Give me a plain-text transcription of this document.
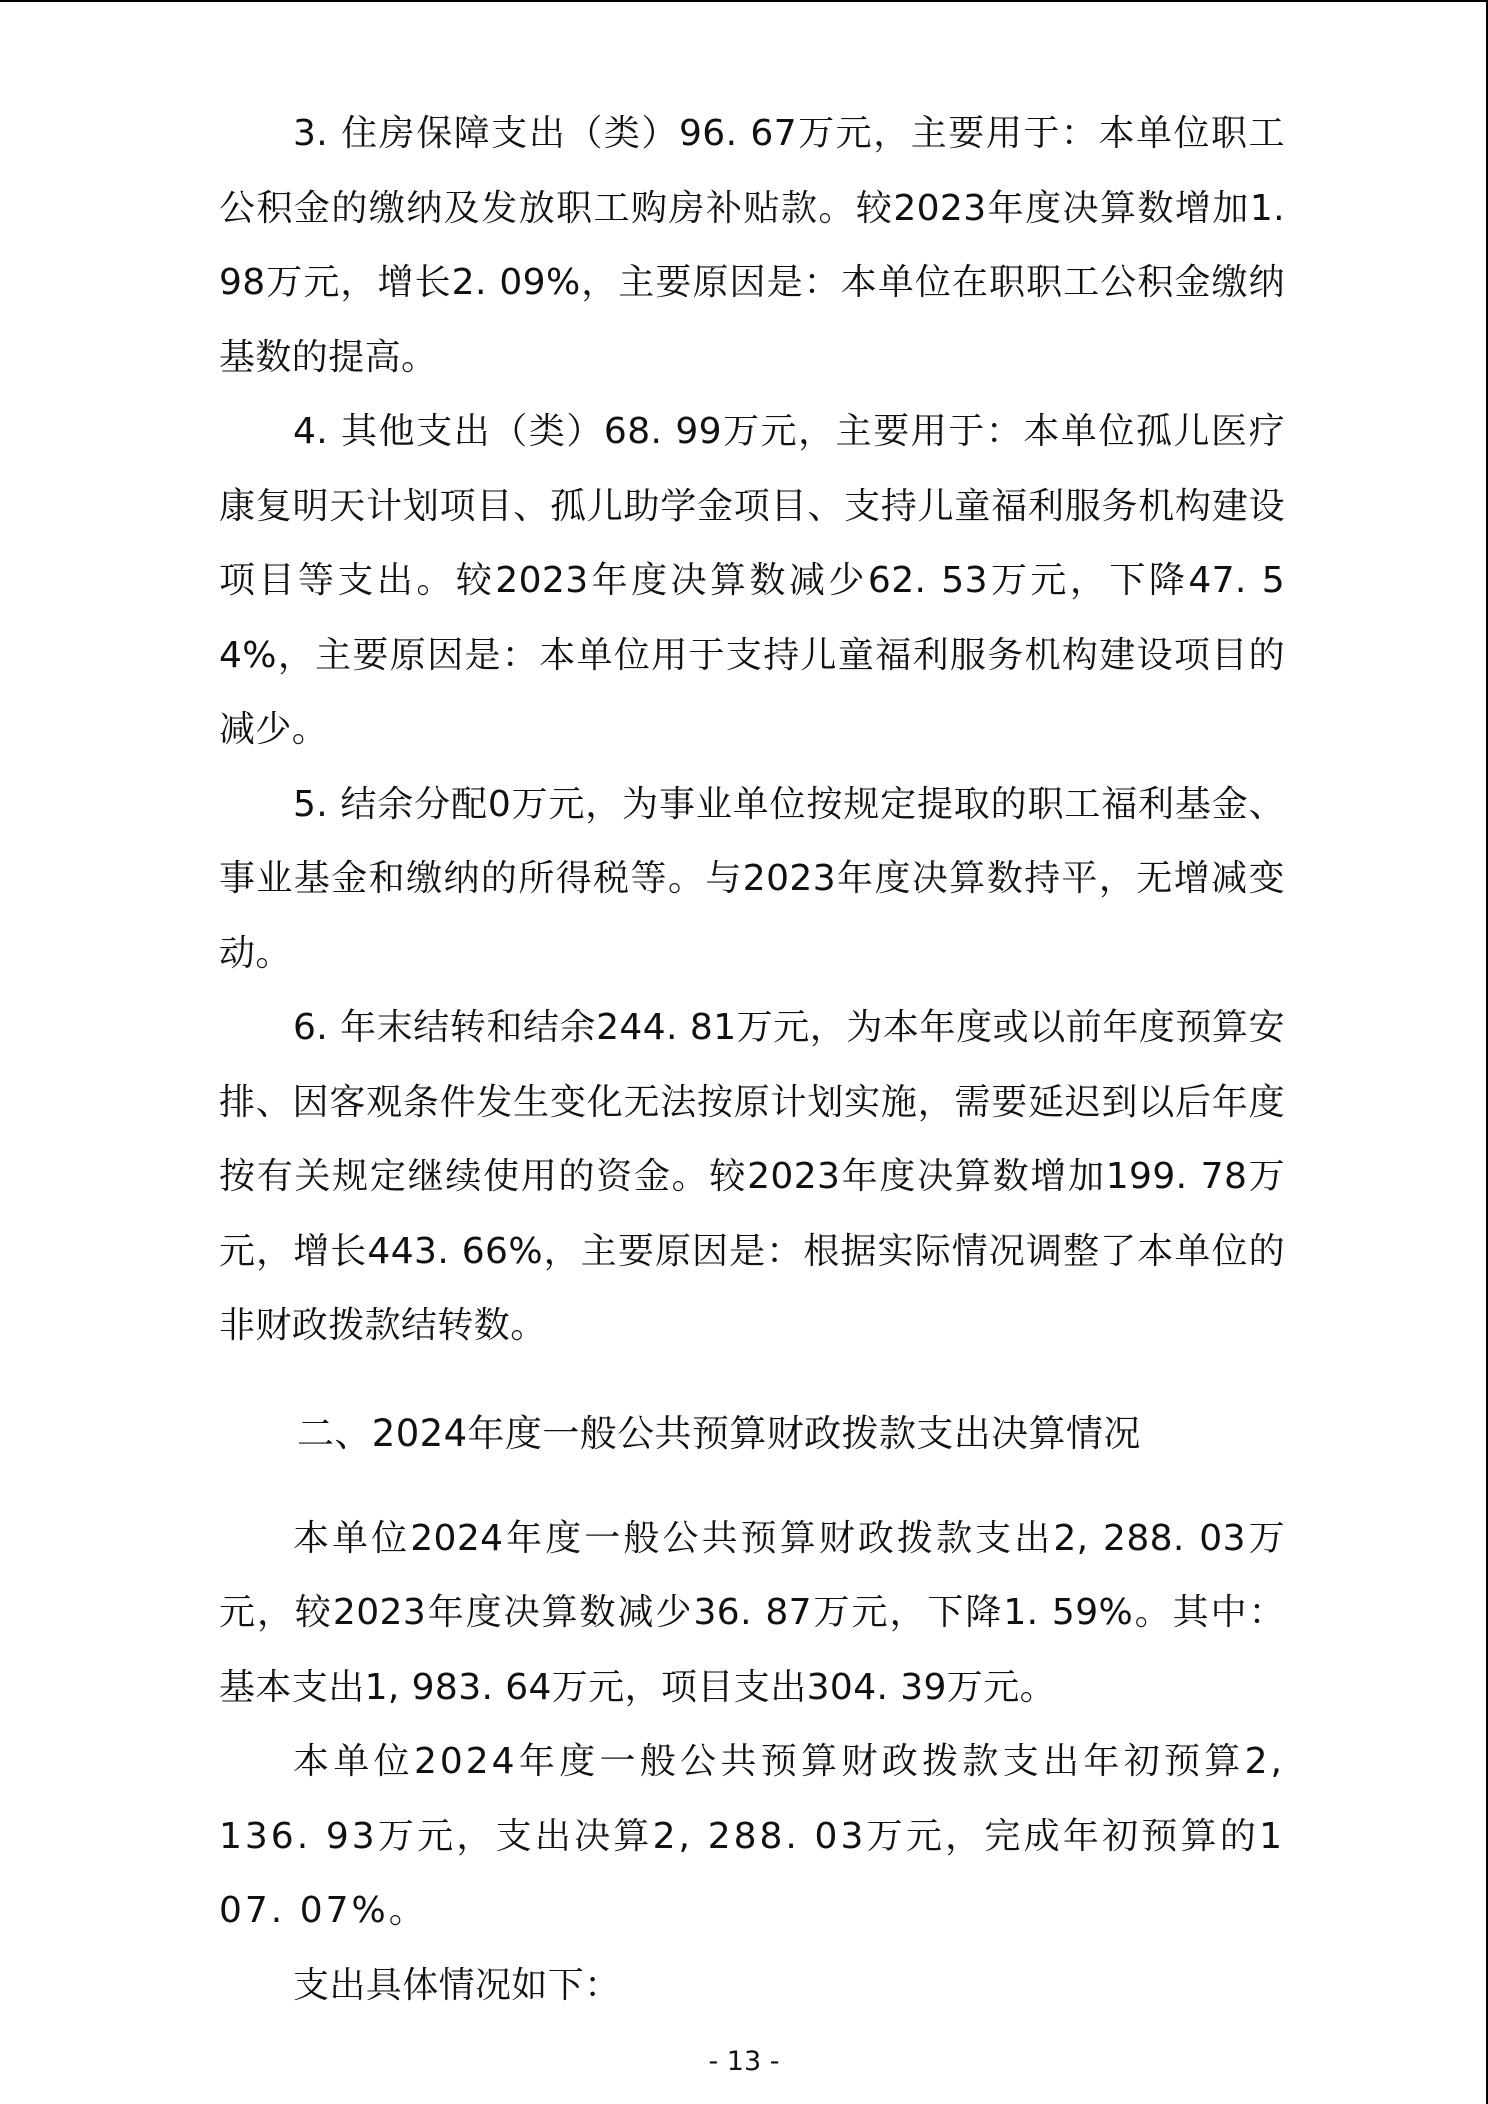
3. 住房保障支出（类）96. 67万元，主要用于：本单位职工公积金的缴纳及发放职工购房补贴款。较2023年度决算数增加1. 98万元，增长2. 09%，主要原因是：本单位在职职工公积金缴纳基数的提高。

4. 其他支出（类）68. 99万元，主要用于：本单位孤儿医疗康复明天计划项目、孤儿助学金项目、支持儿童福利服务机构建设项目等支出。较2023年度决算数减少62. 53万元，下降47. 54%，主要原因是：本单位用于支持儿童福利服务机构建设项目的减少。

5. 结余分配0万元，为事业单位按规定提取的职工福利基金、事业基金和缴纳的所得税等。与2023年度决算数持平，无增减变动。

6. 年末结转和结余244. 81万元，为本年度或以前年度预算安排、因客观条件发生变化无法按原计划实施，需要延迟到以后年度按有关规定继续使用的资金。较2023年度决算数增加199. 78万元，增长443. 66%，主要原因是：根据实际情况调整了本单位的非财政拨款结转数。

二、2024年度一般公共预算财政拨款支出决算情况

本单位2024年度一般公共预算财政拨款支出2, 288. 03万元，较2023年度决算数减少36. 87万元，下降1. 59%。其中：基本支出1, 983. 64万元，项目支出304. 39万元。

本单位2024年度一般公共预算财政拨款支出年初预算2, 136. 93万元，支出决算2, 288. 03万元，完成年初预算的107. 07%。

支出具体情况如下：

- 13 -
